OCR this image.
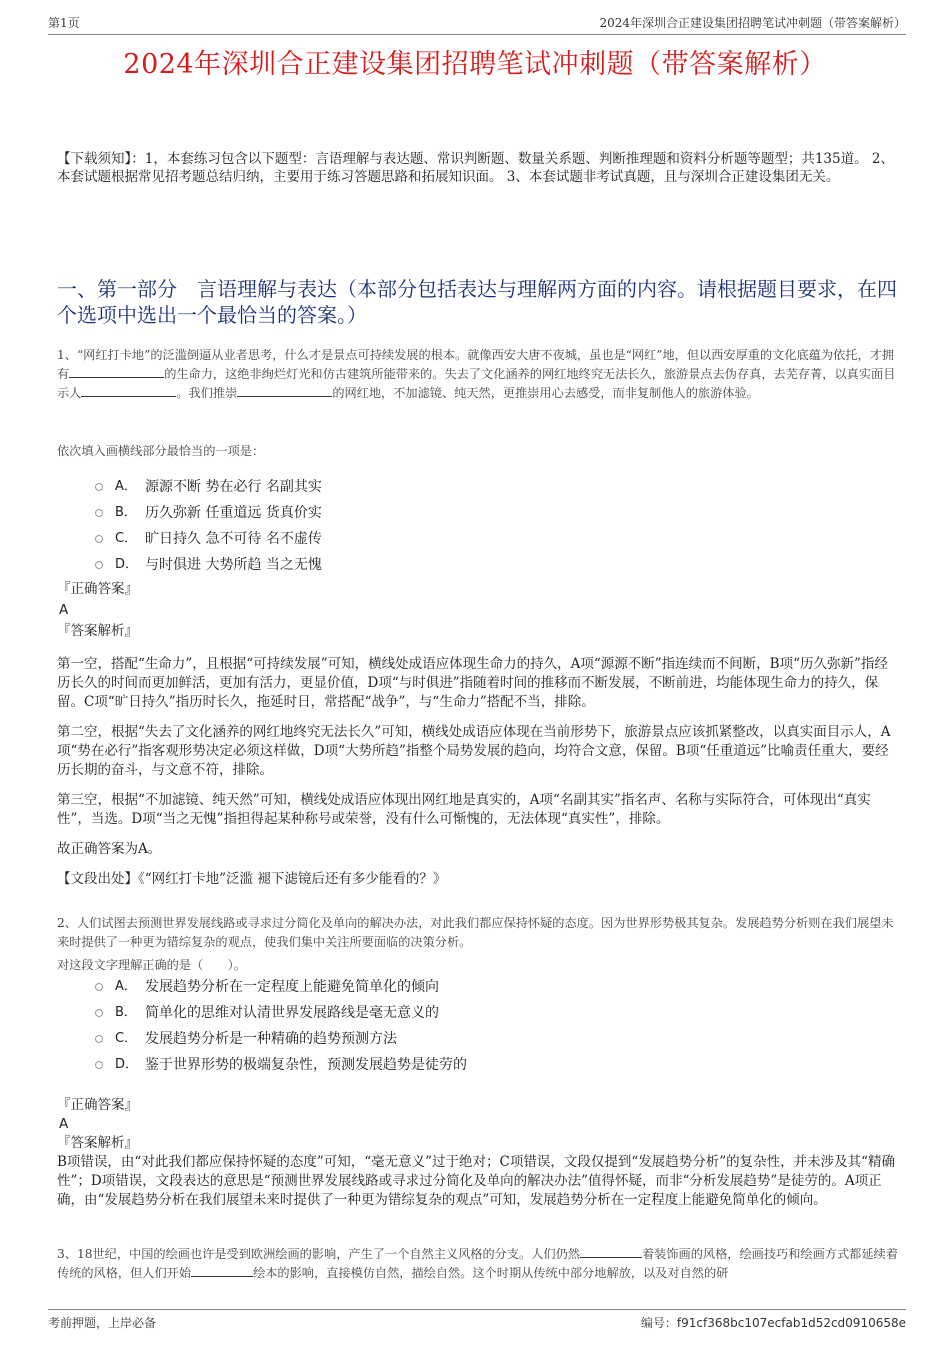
第1页	2024年深圳合正建设集团招聘笔试冲刺题（带答案解析）
2024年深圳合正建设集团招聘笔试冲刺题（带答案解析）
【下载须知】：1，本套练习包含以下题型：言语理解与表达题、常识判断题、数量关系题、判断推理题和资料分析题等题型；共135道。 2、本套试题根据常见招考题总结归纳，主要用于练习答题思路和拓展知识面。 3、本套试题非考试真题，且与深圳合正建设集团无关。
一、第一部分　言语理解与表达（本部分包括表达与理解两方面的内容。请根据题目要求，在四个选项中选出一个最恰当的答案。）
1、“网红打卡地”的泛滥倒逼从业者思考，什么才是景点可持续发展的根本。就像西安大唐不夜城，虽也是“网红”地，但以西安厚重的文化底蕴为依托，才拥有	的生命力，这绝非绚烂灯光和仿古建筑所能带来的。失去了文化涵养的网红地终究无法长久，旅游景点去伪存真，去芜存菁，以真实面目示人	。我们推崇	的网红地，不加滤镜、纯天然，更推崇用心去感受，而非复制他人的旅游体验。
依次填入画横线部分最恰当的一项是：
A． 源源不断 势在必行 名副其实
B． 历久弥新 任重道远 货真价实
C． 旷日持久 急不可待 名不虚传
D． 与时俱进 大势所趋 当之无愧
『正确答案』
A
『答案解析』

第一空，搭配“生命力”，且根据“可持续发展”可知，横线处成语应体现生命力的持久，A项“源源不断”指连续而不间断，B项“历久弥新”指经历长久的时间而更加鲜活，更加有活力，更显价值，D项“与时俱进”指随着时间的推移而不断发展，不断前进，均能体现生命力的持久，保留。C项“旷日持久”指历时长久，拖延时日，常搭配“战争”，与“生命力”搭配不当，排除。

第二空，根据“失去了文化涵养的网红地终究无法长久”可知，横线处成语应体现在当前形势下，旅游景点应该抓紧整改，以真实面目示人，A项“势在必行”指客观形势决定必须这样做，D项“大势所趋”指整个局势发展的趋向，均符合文意，保留。B项“任重道远”比喻责任重大，要经历长期的奋斗，与文意不符，排除。

第三空，根据“不加滤镜、纯天然”可知，横线处成语应体现出网红地是真实的，A项“名副其实”指名声、名称与实际符合，可体现出“真实性”，当选。D项“当之无愧”指担得起某种称号或荣誉，没有什么可惭愧的，无法体现“真实性”，排除。

故正确答案为A。

【文段出处】《“网红打卡地”泛滥 褪下滤镜后还有多少能看的？》

2、人们试图去预测世界发展线路或寻求过分简化及单向的解决办法，对此我们都应保持怀疑的态度。因为世界形势极其复杂。发展趋势分析则在我们展望未来时提供了一种更为错综复杂的观点，使我们集中关注所要面临的决策分析。
对这段文字理解正确的是（　　）。
A． 发展趋势分析在一定程度上能避免简单化的倾向
B． 简单化的思维对认清世界发展路线是毫无意义的
C． 发展趋势分析是一种精确的趋势预测方法
D． 鉴于世界形势的极端复杂性，预测发展趋势是徒劳的
『正确答案』
A
『答案解析』
B项错误，由“对此我们都应保持怀疑的态度”可知，“毫无意义”过于绝对；C项错误，文段仅提到“发展趋势分析”的复杂性，并未涉及其“精确性”；D项错误，文段表达的意思是“预测世界发展线路或寻求过分简化及单向的解决办法”值得怀疑，而非“分析发展趋势”是徒劳的。A项正确，由“发展趋势分析在我们展望未来时提供了一种更为错综复杂的观点”可知，发展趋势分析在一定程度上能避免简单化的倾向。
3、18世纪，中国的绘画也许是受到欧洲绘画的影响，产生了一个自然主义风格的分支。人们仍然	着装饰画的风格，绘画技巧和绘画方式都延续着传统的风格，但人们开始	绘本的影响，直接模仿自然，描绘自然。这个时期从传统中部分地解放，以及对自然的研
考前押题，上岸必备	编号：f91cf368bc107ecfab1d52cd0910658e
